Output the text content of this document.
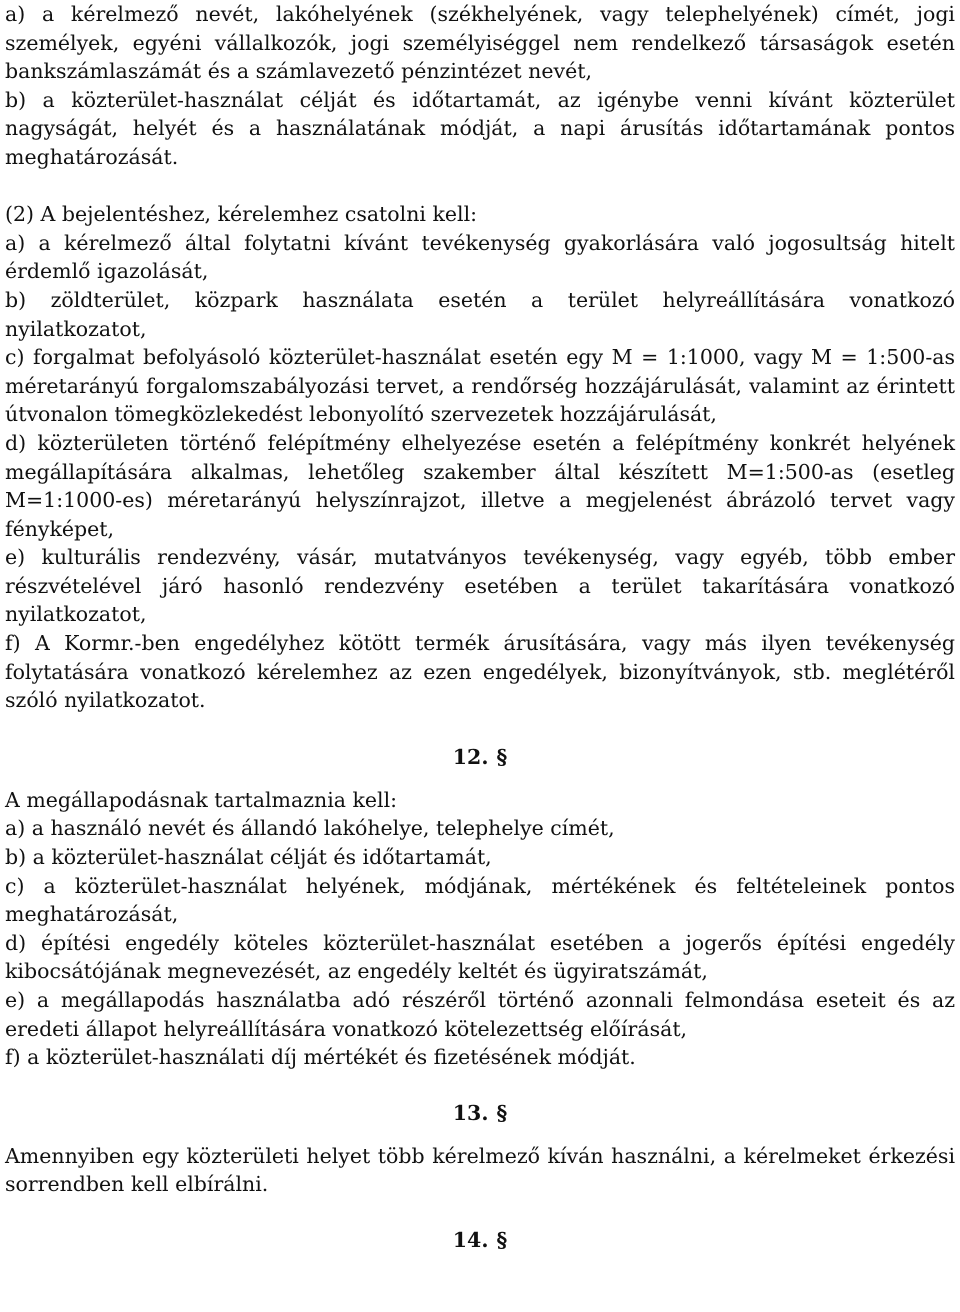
a) a kérelmező nevét, lakóhelyének (székhelyének, vagy telephelyének) címét, jogi személyek, egyéni vállalkozók, jogi személyiséggel nem rendelkező társaságok esetén bankszámlaszámát és a számlavezető pénzintézet nevét,

b) a közterület-használat célját és időtartamát, az igénybe venni kívánt közterület nagyságát, helyét és a használatának módját, a napi árusítás időtartamának pontos meghatározását.

(2) A bejelentéshez, kérelemhez csatolni kell:

a) a kérelmező által folytatni kívánt tevékenység gyakorlására való jogosultság hitelt érdemlő igazolását,

b) zöldterület, közpark használata esetén a terület helyreállítására vonatkozó nyilatkozatot,

c) forgalmat befolyásoló közterület-használat esetén egy M = 1:1000, vagy M = 1:500-as méretarányú forgalomszabályozási tervet, a rendőrség hozzájárulását, valamint az érintett útvonalon tömegközlekedést lebonyolító szervezetek hozzájárulását,

d) közterületen történő felépítmény elhelyezése esetén a felépítmény konkrét helyének megállapítására alkalmas, lehetőleg szakember által készített M=1:500-as (esetleg M=1:1000-es) méretarányú helyszínrajzot, illetve a megjelenést ábrázoló tervet vagy fényképet,

e) kulturális rendezvény, vásár, mutatványos tevékenység, vagy egyéb, több ember részvételével járó hasonló rendezvény esetében a terület takarítására vonatkozó nyilatkozatot,

f) A Kormr.-ben engedélyhez kötött termék árusítására, vagy más ilyen tevékenység folytatására vonatkozó kérelemhez az ezen engedélyek, bizonyítványok, stb. meglétéről szóló nyilatkozatot.

12. §

A megállapodásnak tartalmaznia kell:

a) a használó nevét és állandó lakóhelye, telephelye címét,

b) a közterület-használat célját és időtartamát,

c) a közterület-használat helyének, módjának, mértékének és feltételeinek pontos meghatározását,

d) építési engedély köteles közterület-használat esetében a jogerős építési engedély kibocsátójának megnevezését, az engedély keltét és ügyiratszámát,

e) a megállapodás használatba adó részéről történő azonnali felmondása eseteit és az eredeti állapot helyreállítására vonatkozó kötelezettség előírását,

f) a közterület-használati díj mértékét és fizetésének módját.

13. §

Amennyiben egy közterületi helyet több kérelmező kíván használni, a kérelmeket érkezési sorrendben kell elbírálni.

14. §
